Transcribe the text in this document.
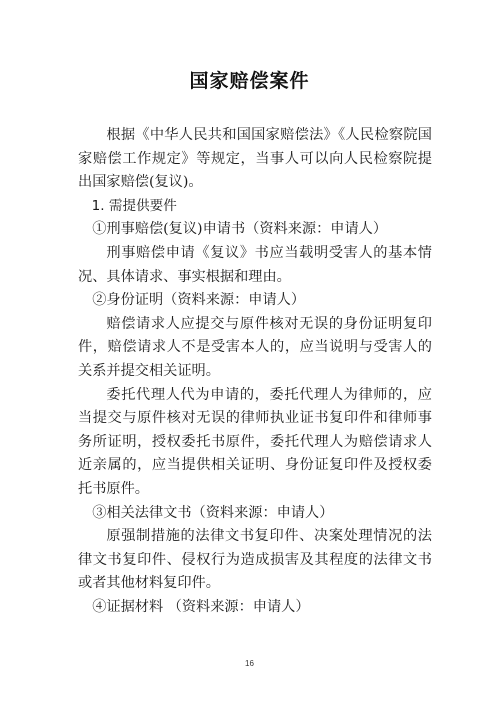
国家赔偿案件

根据《中华人民共和国国家赔偿法》《人民检察院国家赔偿工作规定》等规定，当事人可以向人民检察院提出国家赔偿(复议)。

1. 需提供要件

①刑事赔偿(复议)申请书（资料来源：申请人）

刑事赔偿申请《复议》书应当载明受害人的基本情况、具体请求、事实根据和理由。

②身份证明（资料来源：申请人）

赔偿请求人应提交与原件核对无误的身份证明复印件，赔偿请求人不是受害本人的，应当说明与受害人的关系并提交相关证明。

委托代理人代为申请的，委托代理人为律师的，应当提交与原件核对无误的律师执业证书复印件和律师事务所证明，授权委托书原件，委托代理人为赔偿请求人近亲属的，应当提供相关证明、身份证复印件及授权委托书原件。

③相关法律文书（资料来源：申请人）

原强制措施的法律文书复印件、决案处理情况的法律文书复印件、侵权行为造成损害及其程度的法律文书或者其他材料复印件。

④证据材料 （资料来源：申请人）

16
